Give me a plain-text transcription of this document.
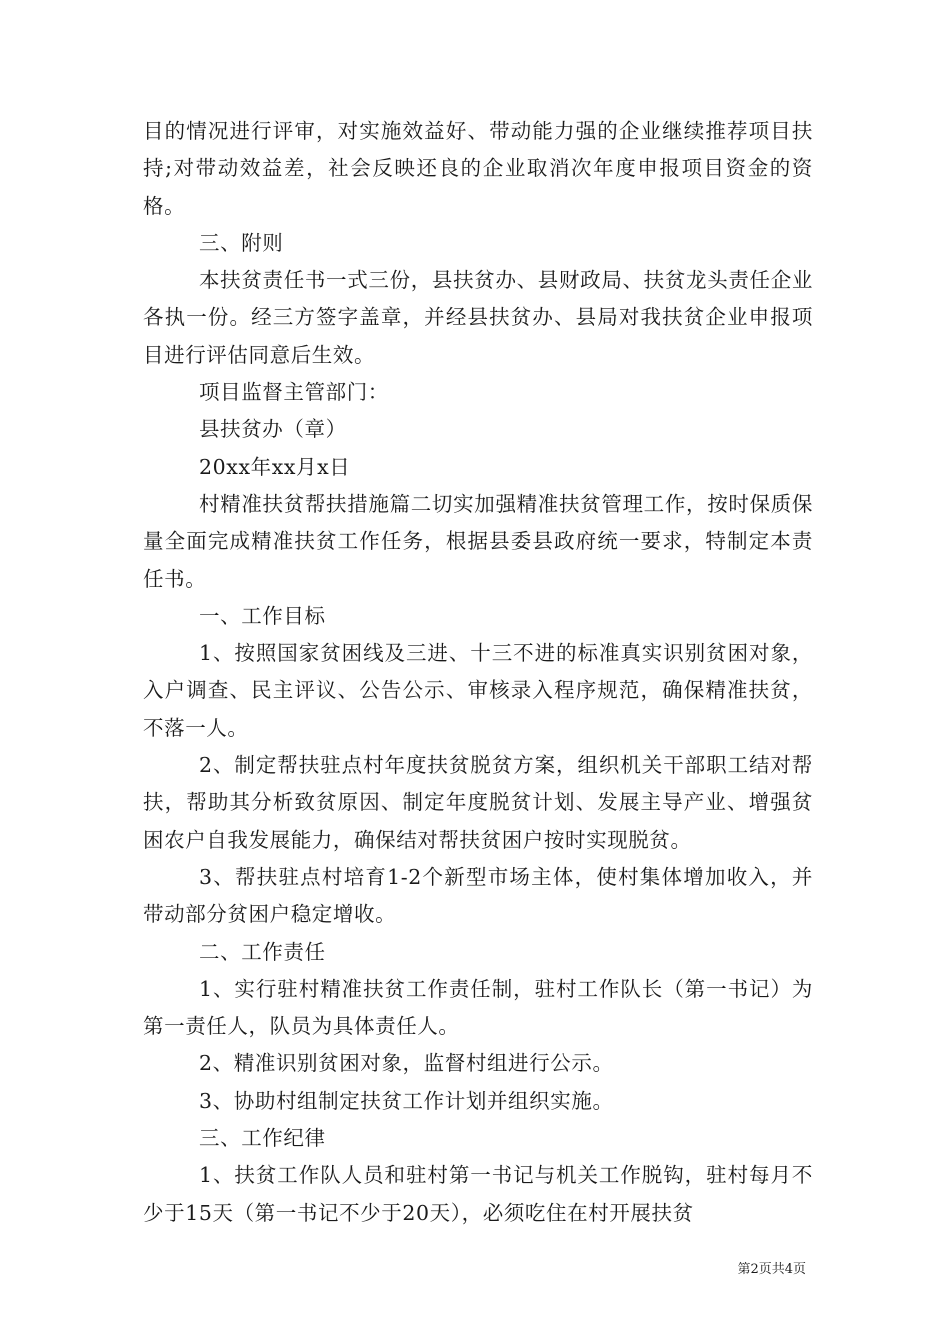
目的情况进行评审，对实施效益好、带动能力强的企业继续推荐项目扶持;对带动效益差，社会反映还良的企业取消次年度申报项目资金的资格。

三、附则

本扶贫责任书一式三份，县扶贫办、县财政局、扶贫龙头责任企业各执一份。经三方签字盖章，并经县扶贫办、县局对我扶贫企业申报项目进行评估同意后生效。

项目监督主管部门：

县扶贫办（章）

20xx年xx月x日

村精准扶贫帮扶措施篇二切实加强精准扶贫管理工作，按时保质保量全面完成精准扶贫工作任务，根据县委县政府统一要求，特制定本责任书。

一、工作目标

1、按照国家贫困线及三进、十三不进的标准真实识别贫困对象，入户调查、民主评议、公告公示、审核录入程序规范，确保精准扶贫，不落一人。

2、制定帮扶驻点村年度扶贫脱贫方案，组织机关干部职工结对帮扶，帮助其分析致贫原因、制定年度脱贫计划、发展主导产业、增强贫困农户自我发展能力，确保结对帮扶贫困户按时实现脱贫。

3、帮扶驻点村培育1-2个新型市场主体，使村集体增加收入，并带动部分贫困户稳定增收。

二、工作责任

1、实行驻村精准扶贫工作责任制，驻村工作队长（第一书记）为第一责任人，队员为具体责任人。

2、精准识别贫困对象，监督村组进行公示。

3、协助村组制定扶贫工作计划并组织实施。

三、工作纪律

1、扶贫工作队人员和驻村第一书记与机关工作脱钩，驻村每月不少于15天（第一书记不少于20天），必须吃住在村开展扶贫

第2页共4页
